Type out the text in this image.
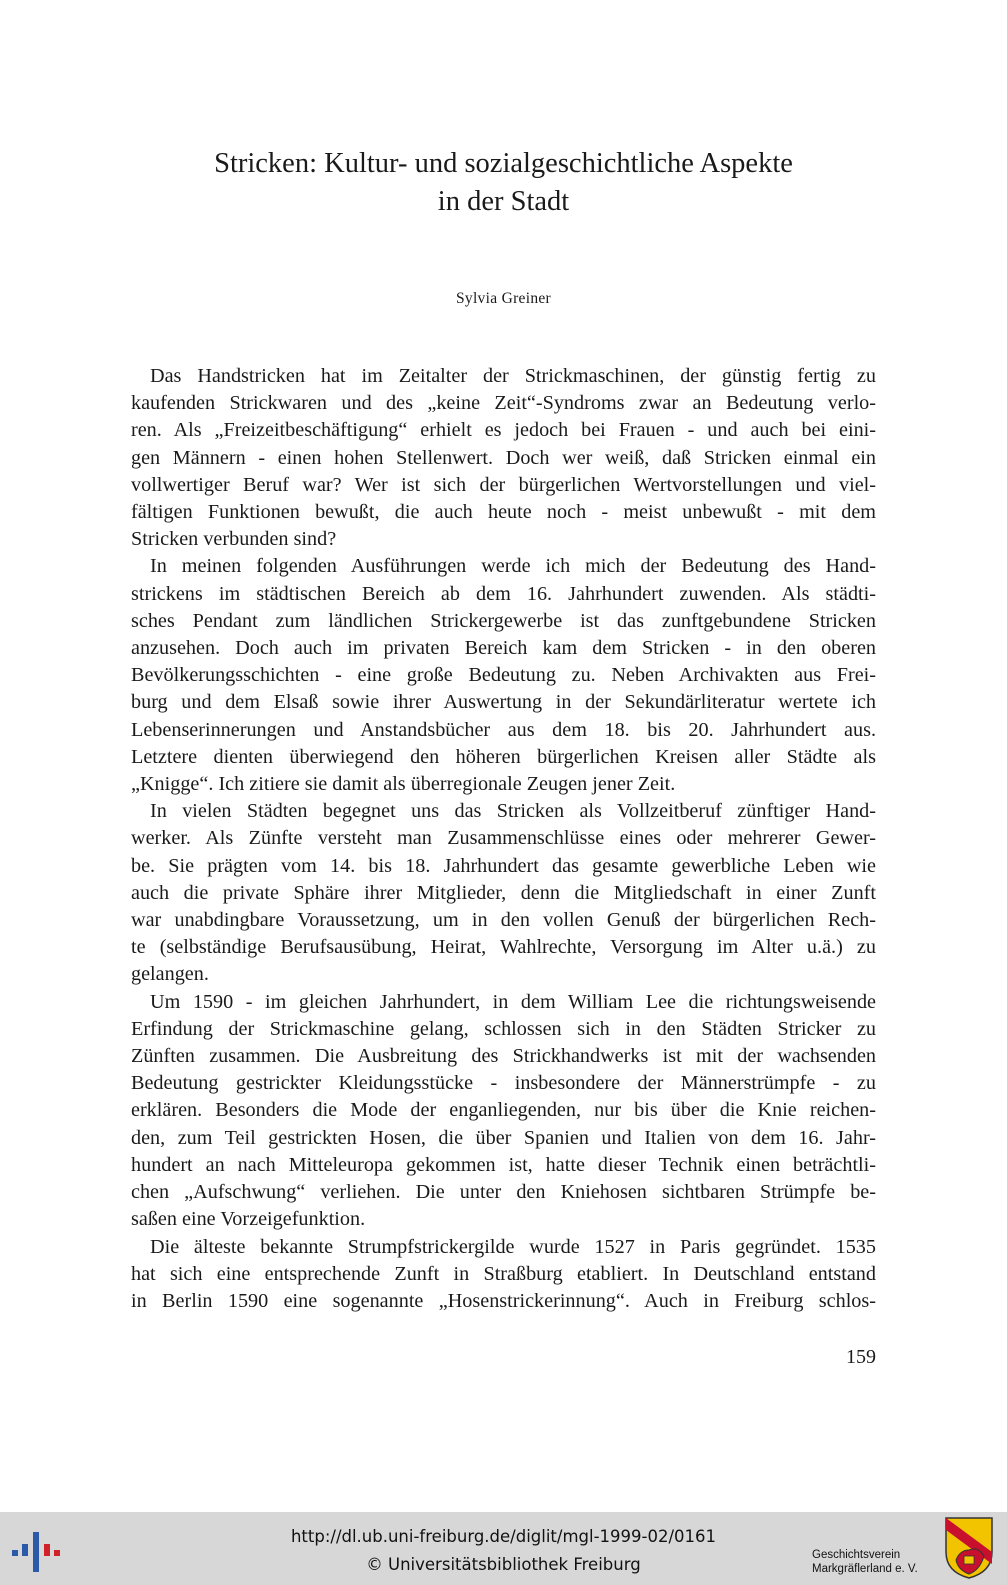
Stricken: Kultur- und sozialgeschichtliche Aspekte
in der Stadt
Sylvia Greiner
Das Handstricken hat im Zeitalter der Strickmaschinen, der günstig fertig zu
kaufenden Strickwaren und des „keine Zeit“-Syndroms zwar an Bedeutung verlo-
ren. Als „Freizeitbeschäftigung“ erhielt es jedoch bei Frauen - und auch bei eini-
gen Männern - einen hohen Stellenwert. Doch wer weiß, daß Stricken einmal ein
vollwertiger Beruf war? Wer ist sich der bürgerlichen Wertvorstellungen und viel-
fältigen Funktionen bewußt, die auch heute noch - meist unbewußt - mit dem
Stricken verbunden sind?
In meinen folgenden Ausführungen werde ich mich der Bedeutung des Hand-
strickens im städtischen Bereich ab dem 16. Jahrhundert zuwenden. Als städti-
sches Pendant zum ländlichen Strickergewerbe ist das zunftgebundene Stricken
anzusehen. Doch auch im privaten Bereich kam dem Stricken - in den oberen
Bevölkerungsschichten - eine große Bedeutung zu. Neben Archivakten aus Frei-
burg und dem Elsaß sowie ihrer Auswertung in der Sekundärliteratur wertete ich
Lebenserinnerungen und Anstandsbücher aus dem 18. bis 20. Jahrhundert aus.
Letztere dienten überwiegend den höheren bürgerlichen Kreisen aller Städte als
„Knigge“. Ich zitiere sie damit als überregionale Zeugen jener Zeit.
In vielen Städten begegnet uns das Stricken als Vollzeitberuf zünftiger Hand-
werker. Als Zünfte versteht man Zusammenschlüsse eines oder mehrerer Gewer-
be. Sie prägten vom 14. bis 18. Jahrhundert das gesamte gewerbliche Leben wie
auch die private Sphäre ihrer Mitglieder, denn die Mitgliedschaft in einer Zunft
war unabdingbare Voraussetzung, um in den vollen Genuß der bürgerlichen Rech-
te (selbständige Berufsausübung, Heirat, Wahlrechte, Versorgung im Alter u.ä.) zu
gelangen.
Um 1590 - im gleichen Jahrhundert, in dem William Lee die richtungsweisende
Erfindung der Strickmaschine gelang, schlossen sich in den Städten Stricker zu
Zünften zusammen. Die Ausbreitung des Strickhandwerks ist mit der wachsenden
Bedeutung gestrickter Kleidungsstücke - insbesondere der Männerstrümpfe - zu
erklären. Besonders die Mode der enganliegenden, nur bis über die Knie reichen-
den, zum Teil gestrickten Hosen, die über Spanien und Italien von dem 16. Jahr-
hundert an nach Mitteleuropa gekommen ist, hatte dieser Technik einen beträchtli-
chen „Aufschwung“ verliehen. Die unter den Kniehosen sichtbaren Strümpfe be-
saßen eine Vorzeigefunktion.
Die älteste bekannte Strumpfstrickergilde wurde 1527 in Paris gegründet. 1535
hat sich eine entsprechende Zunft in Straßburg etabliert. In Deutschland entstand
in Berlin 1590 eine sogenannte „Hosenstrickerinnung“. Auch in Freiburg schlos-
159
http://dl.ub.uni-freiburg.de/diglit/mgl-1999-02/0161
© Universitätsbibliothek Freiburg	Geschichtsverein
Markgräflerland e. V.
